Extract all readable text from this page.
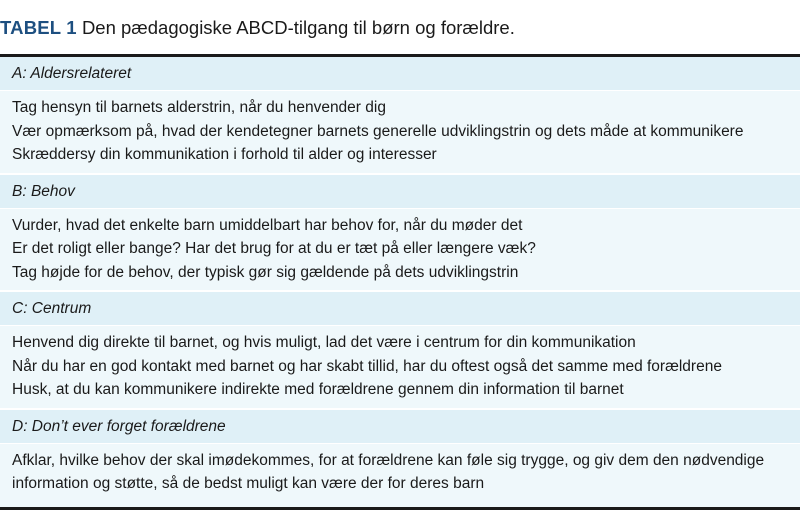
TABEL 1 Den pædagogiske ABCD-tilgang til børn og forældre.
A: Aldersrelateret
Tag hensyn til barnets alderstrin, når du henvender dig
Vær opmærksom på, hvad der kendetegner barnets generelle udviklingstrin og dets måde at kommunikere
Skræddersy din kommunikation i forhold til alder og interesser
B: Behov
Vurder, hvad det enkelte barn umiddelbart har behov for, når du møder det
Er det roligt eller bange? Har det brug for at du er tæt på eller længere væk?
Tag højde for de behov, der typisk gør sig gældende på dets udviklingstrin
C: Centrum
Henvend dig direkte til barnet, og hvis muligt, lad det være i centrum for din kommunikation
Når du har en god kontakt med barnet og har skabt tillid, har du oftest også det samme med forældrene
Husk, at du kan kommunikere indirekte med forældrene gennem din information til barnet
D: Don’t ever forget forældrene
Afklar, hvilke behov der skal imødekommes, for at forældrene kan føle sig trygge, og giv dem den nødvendige information og støtte, så de bedst muligt kan være der for deres barn
